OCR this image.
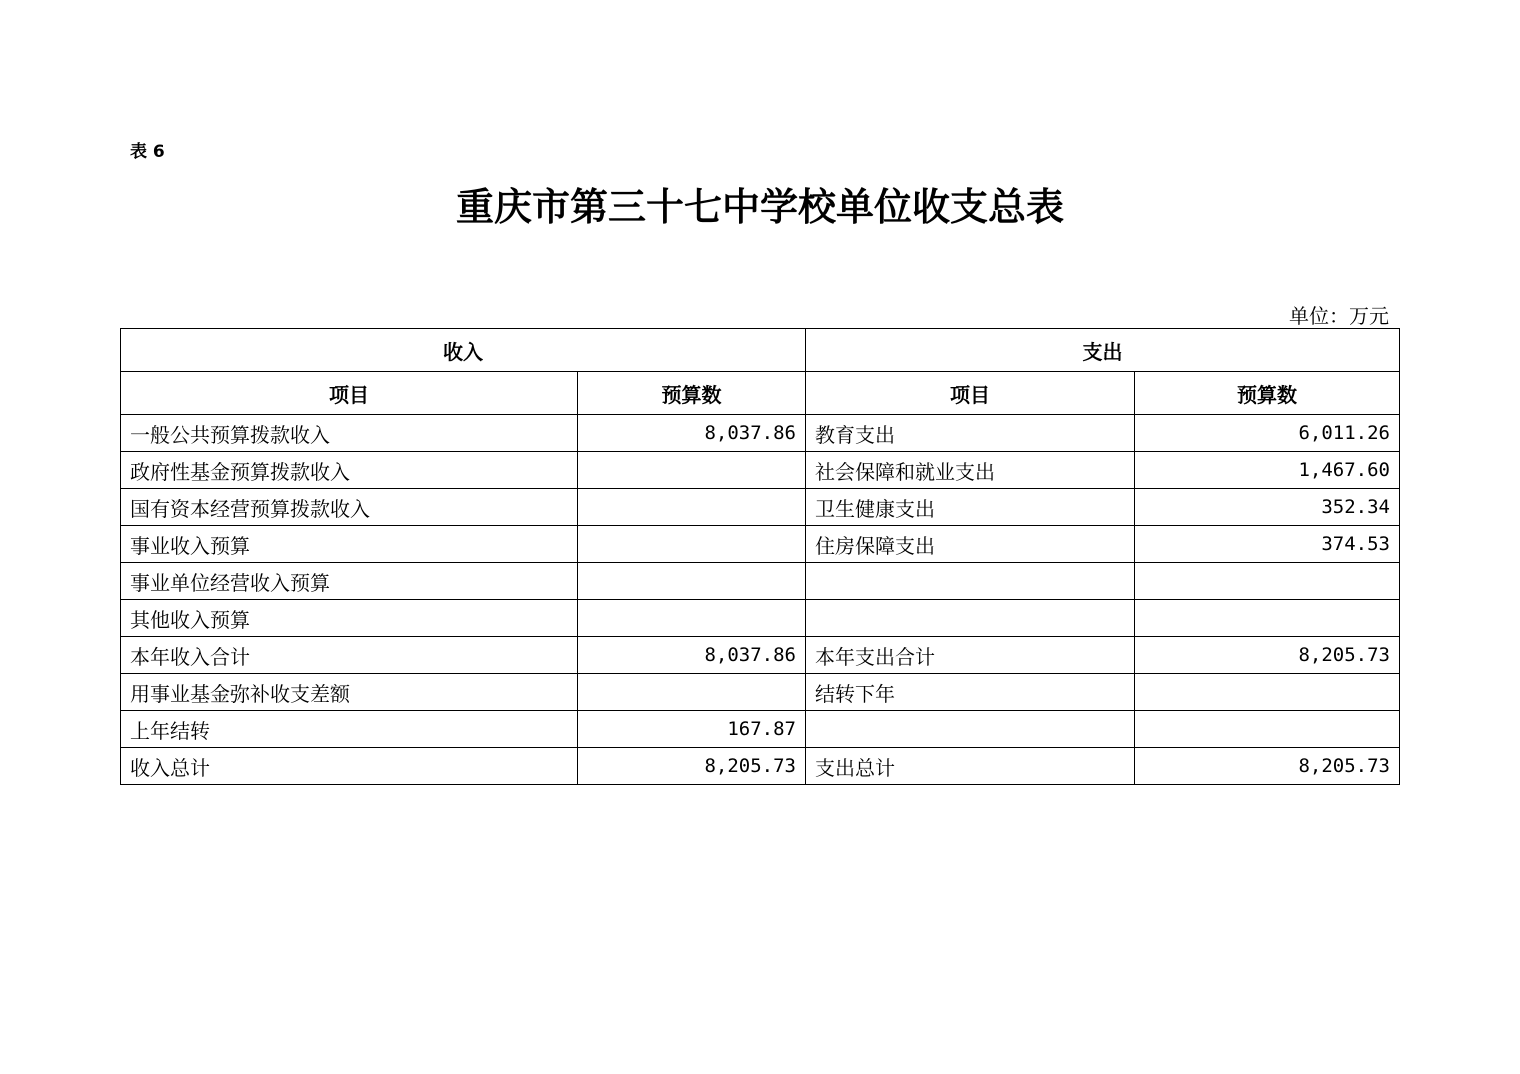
表 6
重庆市第三十七中学校单位收支总表
单位：万元
收入		支出	
项目	预算数	项目	预算数
一般公共预算拨款收入	8,037.86	教育支出	6,011.26
政府性基金预算拨款收入		社会保障和就业支出	1,467.60
国有资本经营预算拨款收入		卫生健康支出	352.34
事业收入预算		住房保障支出	374.53
事业单位经营收入预算			
其他收入预算			
本年收入合计	8,037.86	本年支出合计	8,205.73
用事业基金弥补收支差额		结转下年	
上年结转	167.87		
收入总计	8,205.73	支出总计	8,205.73
